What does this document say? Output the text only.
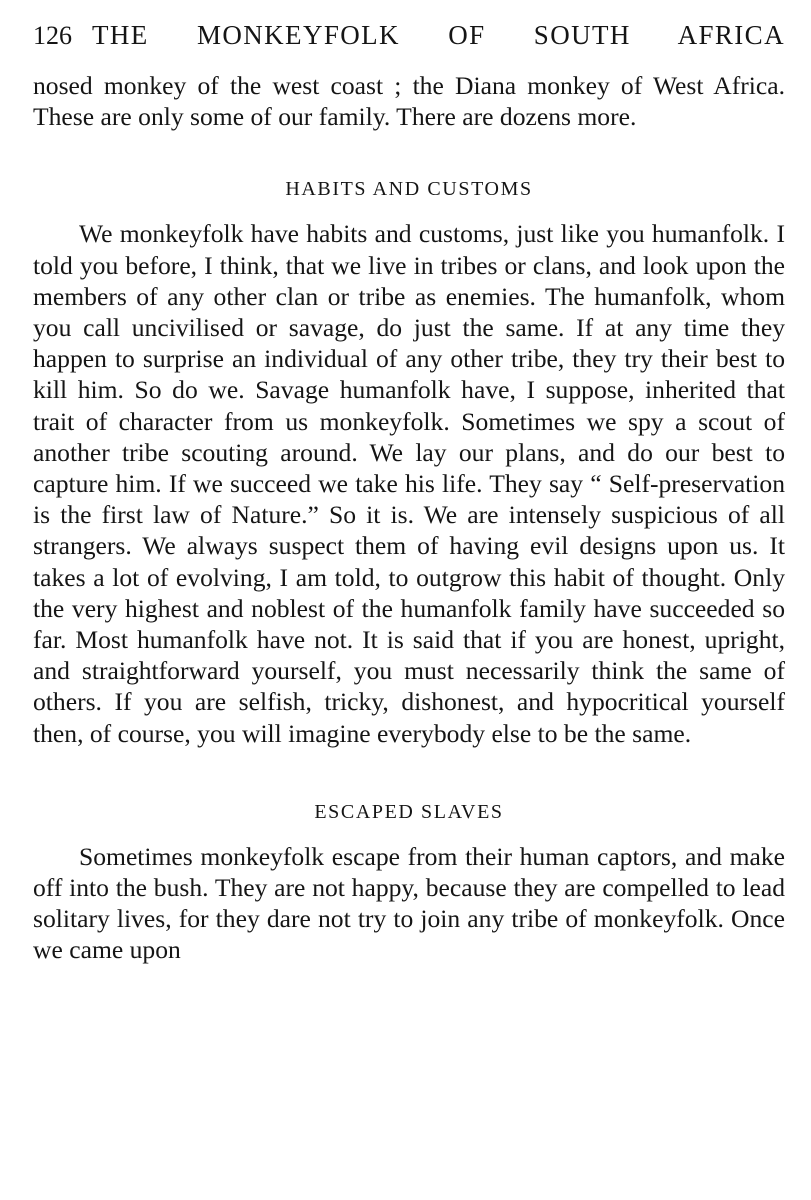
126 THE MONKEYFOLK OF SOUTH AFRICA

nosed monkey of the west coast ; the Diana monkey of West Africa. These are only some of our family. There are dozens more.

HABITS AND CUSTOMS

We monkeyfolk have habits and customs, just like you humanfolk. I told you before, I think, that we live in tribes or clans, and look upon the members of any other clan or tribe as enemies. The humanfolk, whom you call uncivilised or savage, do just the same. If at any time they happen to surprise an individual of any other tribe, they try their best to kill him. So do we. Savage humanfolk have, I suppose, inherited that trait of character from us monkeyfolk. Sometimes we spy a scout of another tribe scouting around. We lay our plans, and do our best to capture him. If we succeed we take his life. They say “ Self-preservation is the first law of Nature.” So it is. We are intensely suspicious of all strangers. We always suspect them of having evil designs upon us. It takes a lot of evolving, I am told, to outgrow this habit of thought. Only the very highest and noblest of the humanfolk family have succeeded so far. Most humanfolk have not. It is said that if you are honest, upright, and straightforward yourself, you must necessarily think the same of others. If you are selfish, tricky, dishonest, and hypocritical yourself then, of course, you will imagine everybody else to be the same.

ESCAPED SLAVES

Sometimes monkeyfolk escape from their human captors, and make off into the bush. They are not happy, because they are compelled to lead solitary lives, for they dare not try to join any tribe of monkeyfolk. Once we came upon
